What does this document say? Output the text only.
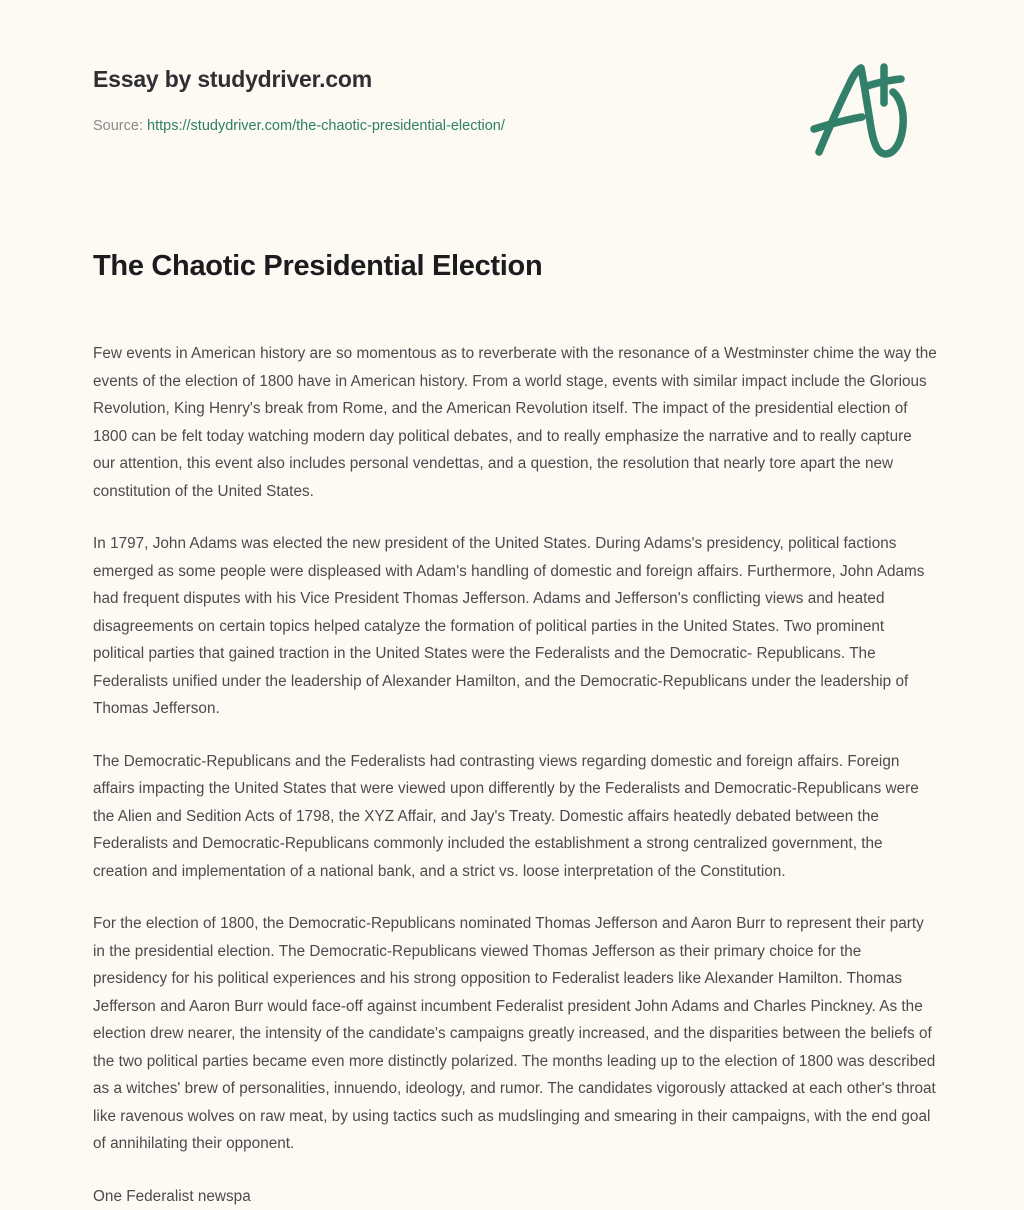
Essay by studydriver.com
Source: https://studydriver.com/the-chaotic-presidential-election/
The Chaotic Presidential Election

Few events in American history are so momentous as to reverberate with the resonance of a Westminster chime the way the events of the election of 1800 have in American history. From a world stage, events with similar impact include the Glorious Revolution, King Henry's break from Rome, and the American Revolution itself. The impact of the presidential election of 1800 can be felt today watching modern day political debates, and to really emphasize the narrative and to really capture our attention, this event also includes personal vendettas, and a question, the resolution that nearly tore apart the new constitution of the United States.

In 1797, John Adams was elected the new president of the United States. During Adams's presidency, political factions emerged as some people were displeased with Adam's handling of domestic and foreign affairs. Furthermore, John Adams had frequent disputes with his Vice President Thomas Jefferson. Adams and Jefferson's conflicting views and heated disagreements on certain topics helped catalyze the formation of political parties in the United States. Two prominent political parties that gained traction in the United States were the Federalists and the Democratic- Republicans. The Federalists unified under the leadership of Alexander Hamilton, and the Democratic-Republicans under the leadership of Thomas Jefferson.

The Democratic-Republicans and the Federalists had contrasting views regarding domestic and foreign affairs. Foreign affairs impacting the United States that were viewed upon differently by the Federalists and Democratic-Republicans were the Alien and Sedition Acts of 1798, the XYZ Affair, and Jay's Treaty. Domestic affairs heatedly debated between the Federalists and Democratic-Republicans commonly included the establishment a strong centralized government, the creation and implementation of a national bank, and a strict vs. loose interpretation of the Constitution.

For the election of 1800, the Democratic-Republicans nominated Thomas Jefferson and Aaron Burr to represent their party in the presidential election. The Democratic-Republicans viewed Thomas Jefferson as their primary choice for the presidency for his political experiences and his strong opposition to Federalist leaders like Alexander Hamilton. Thomas Jefferson and Aaron Burr would face-off against incumbent Federalist president John Adams and Charles Pinckney. As the election drew nearer, the intensity of the candidate's campaigns greatly increased, and the disparities between the beliefs of the two political parties became even more distinctly polarized. The months leading up to the election of 1800 was described as a witches' brew of personalities, innuendo, ideology, and rumor. The candidates vigorously attacked at each other's throat like ravenous wolves on raw meat, by using tactics such as mudslinging and smearing in their campaigns, with the end goal of annihilating their opponent.

One Federalist newspa
